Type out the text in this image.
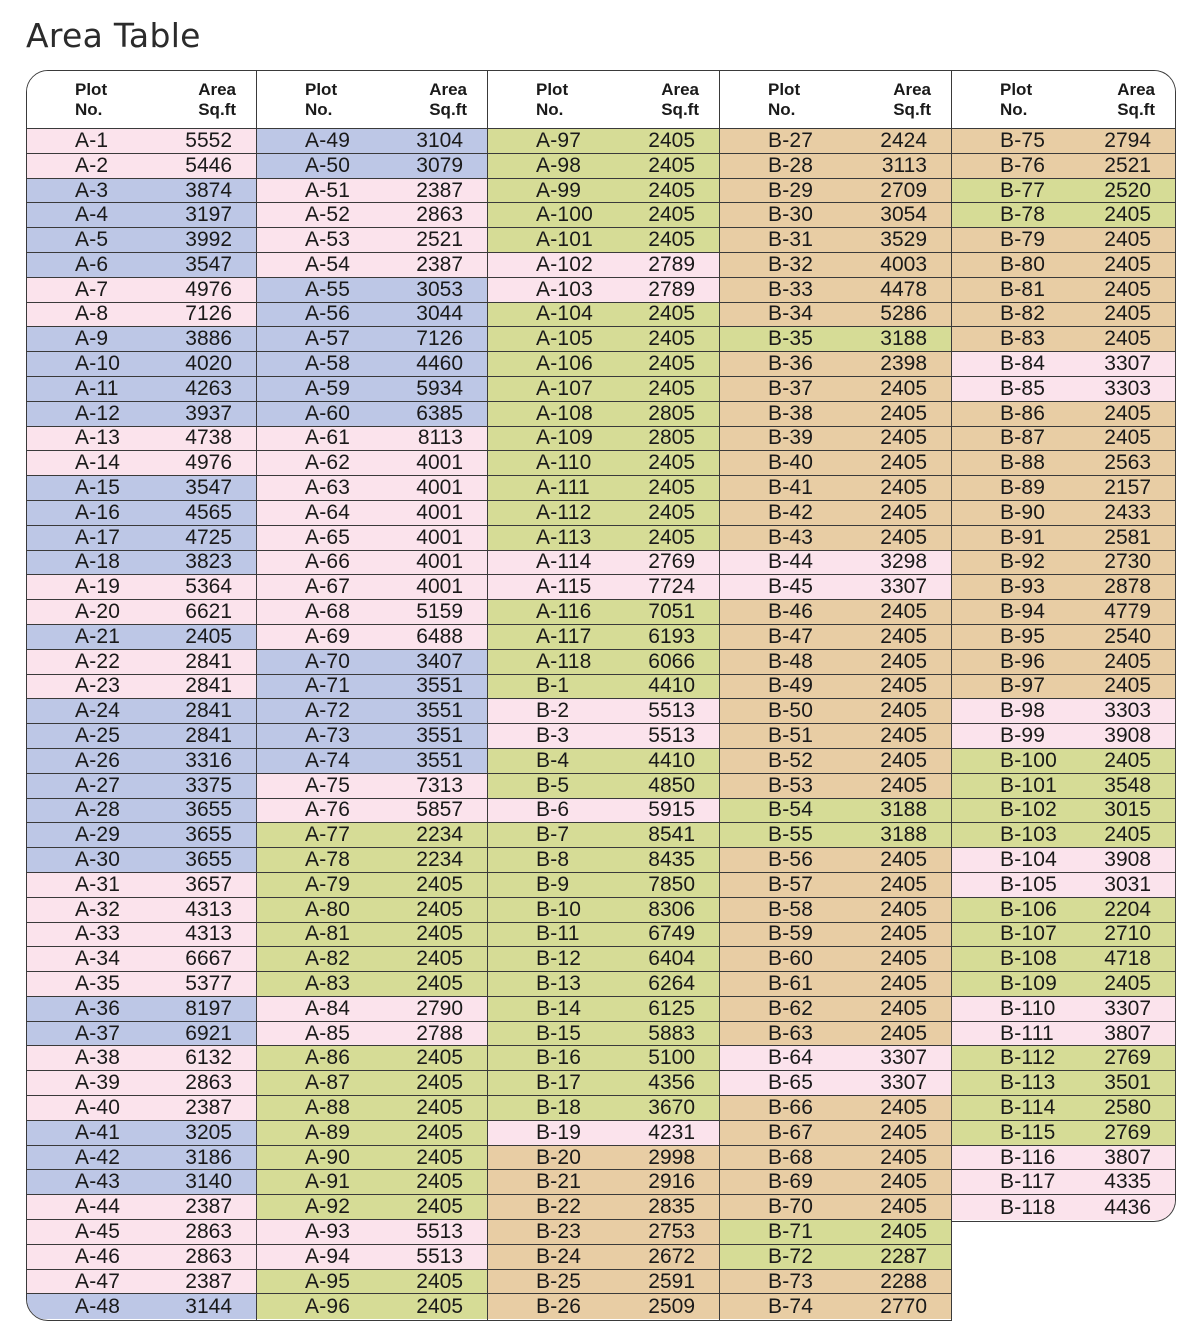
Area Table
Plot
No.
Area
Sq.ft
A-1	5552
A-2	5446
A-3	3874
A-4	3197
A-5	3992
A-6	3547
A-7	4976
A-8	7126
A-9	3886
A-10	4020
A-11	4263
A-12	3937
A-13	4738
A-14	4976
A-15	3547
A-16	4565
A-17	4725
A-18	3823
A-19	5364
A-20	6621
A-21	2405
A-22	2841
A-23	2841
A-24	2841
A-25	2841
A-26	3316
A-27	3375
A-28	3655
A-29	3655
A-30	3655
A-31	3657
A-32	4313
A-33	4313
A-34	6667
A-35	5377
A-36	8197
A-37	6921
A-38	6132
A-39	2863
A-40	2387
A-41	3205
A-42	3186
A-43	3140
A-44	2387
A-45	2863
A-46	2863
A-47	2387
A-48	3144
Plot
No.
Area
Sq.ft
A-49	3104
A-50	3079
A-51	2387
A-52	2863
A-53	2521
A-54	2387
A-55	3053
A-56	3044
A-57	7126
A-58	4460
A-59	5934
A-60	6385
A-61	8113
A-62	4001
A-63	4001
A-64	4001
A-65	4001
A-66	4001
A-67	4001
A-68	5159
A-69	6488
A-70	3407
A-71	3551
A-72	3551
A-73	3551
A-74	3551
A-75	7313
A-76	5857
A-77	2234
A-78	2234
A-79	2405
A-80	2405
A-81	2405
A-82	2405
A-83	2405
A-84	2790
A-85	2788
A-86	2405
A-87	2405
A-88	2405
A-89	2405
A-90	2405
A-91	2405
A-92	2405
A-93	5513
A-94	5513
A-95	2405
A-96	2405
Plot
No.
Area
Sq.ft
A-97	2405
A-98	2405
A-99	2405
A-100	2405
A-101	2405
A-102	2789
A-103	2789
A-104	2405
A-105	2405
A-106	2405
A-107	2405
A-108	2805
A-109	2805
A-110	2405
A-111	2405
A-112	2405
A-113	2405
A-114	2769
A-115	7724
A-116	7051
A-117	6193
A-118	6066
B-1	4410
B-2	5513
B-3	5513
B-4	4410
B-5	4850
B-6	5915
B-7	8541
B-8	8435
B-9	7850
B-10	8306
B-11	6749
B-12	6404
B-13	6264
B-14	6125
B-15	5883
B-16	5100
B-17	4356
B-18	3670
B-19	4231
B-20	2998
B-21	2916
B-22	2835
B-23	2753
B-24	2672
B-25	2591
B-26	2509
Plot
No.
Area
Sq.ft
B-27	2424
B-28	3113
B-29	2709
B-30	3054
B-31	3529
B-32	4003
B-33	4478
B-34	5286
B-35	3188
B-36	2398
B-37	2405
B-38	2405
B-39	2405
B-40	2405
B-41	2405
B-42	2405
B-43	2405
B-44	3298
B-45	3307
B-46	2405
B-47	2405
B-48	2405
B-49	2405
B-50	2405
B-51	2405
B-52	2405
B-53	2405
B-54	3188
B-55	3188
B-56	2405
B-57	2405
B-58	2405
B-59	2405
B-60	2405
B-61	2405
B-62	2405
B-63	2405
B-64	3307
B-65	3307
B-66	2405
B-67	2405
B-68	2405
B-69	2405
B-70	2405
B-71	2405
B-72	2287
B-73	2288
B-74	2770
Plot
No.
Area
Sq.ft
B-75	2794
B-76	2521
B-77	2520
B-78	2405
B-79	2405
B-80	2405
B-81	2405
B-82	2405
B-83	2405
B-84	3307
B-85	3303
B-86	2405
B-87	2405
B-88	2563
B-89	2157
B-90	2433
B-91	2581
B-92	2730
B-93	2878
B-94	4779
B-95	2540
B-96	2405
B-97	2405
B-98	3303
B-99	3908
B-100 2405
B-101 3548
B-102 3015
B-103 2405
B-104 3908
B-105 3031
B-106 2204
B-107 2710
B-108 4718
B-109 2405
B-110 3307
B-111 3807
B-112 2769
B-113 3501
B-114 2580
B-115 2769
B-116 3807
B-117 4335
B-118 4436
